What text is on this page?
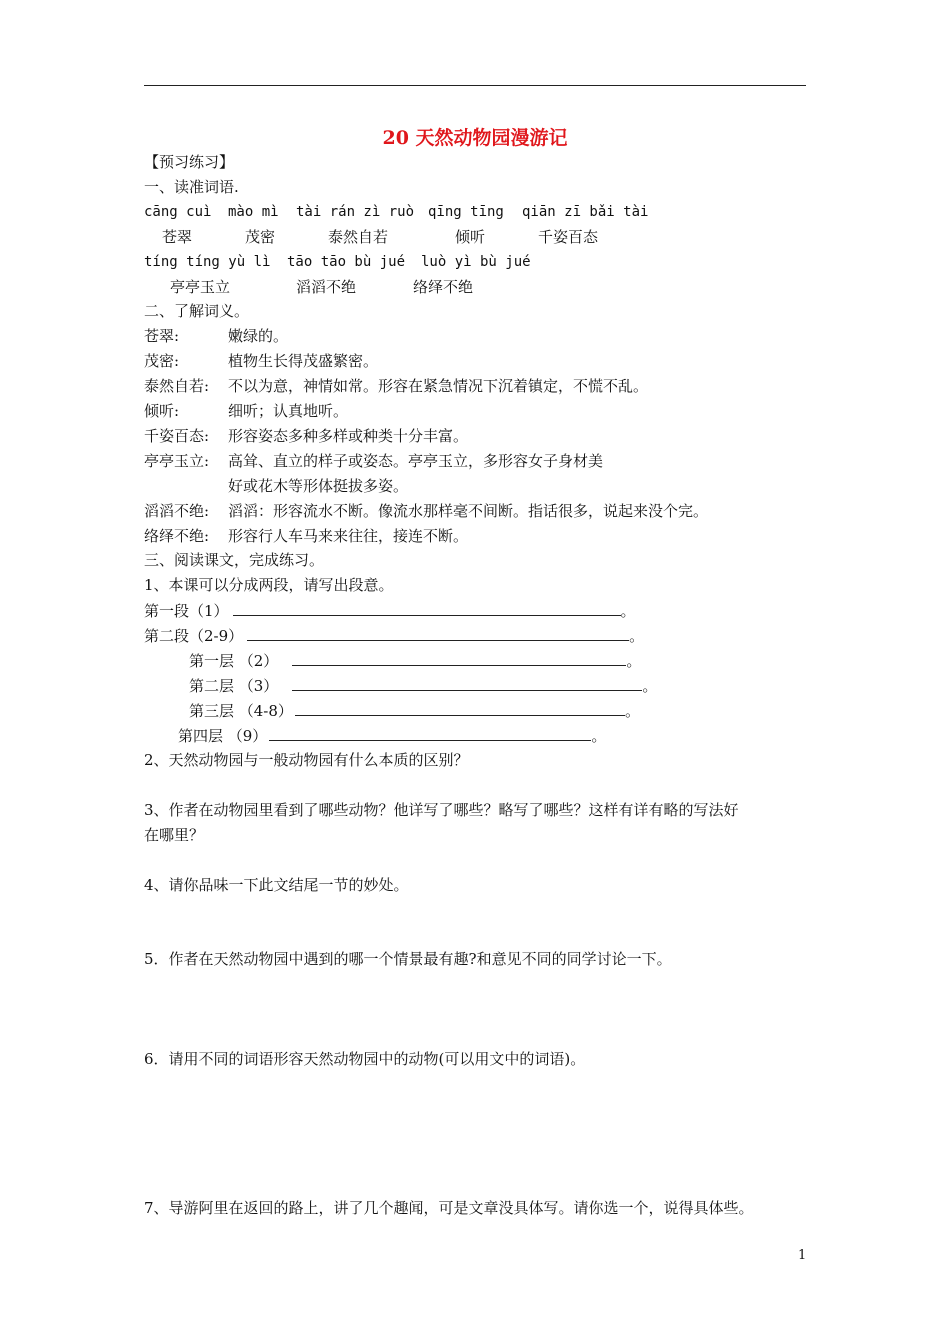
20 天然动物园漫游记
【预习练习】
一、读准词语.
cāng cuì mào mì tài rán zì ruò qīng tīng qiān zī bǎi tài
苍翠	茂密	泰然自若	倾听	千姿百态
tíng tíng yù lì tāo tāo bù jué luò yì bù jué
亭亭玉立	滔滔不绝	络绎不绝
二、了解词义。
苍翠:	嫩绿的。
茂密:	植物生长得茂盛繁密。
泰然自若: 不以为意，神情如常。形容在紧急情况下沉着镇定，不慌不乱。
倾听:	细听；认真地听。
千姿百态: 形容姿态多种多样或种类十分丰富。
亭亭玉立: 高耸、直立的样子或姿态。亭亭玉立，多形容女子身材美
好或花木等形体挺拔多姿。
滔滔不绝: 滔滔：形容流水不断。像流水那样毫不间断。指话很多，说起来没个完。
络绎不绝: 形容行人车马来来往往，接连不断。
三、阅读课文，完成练习。
1、本课可以分成两段，请写出段意。
第一段（1）	。
第二段（2-9）	。
第一层 （2）	。
第二层 （3）	。
第三层 （4-8）	。
第四层 （9）	。
2、天然动物园与一般动物园有什么本质的区别？
3、作者在动物园里看到了哪些动物？他详写了哪些？略写了哪些？这样有详有略的写法好
在哪里？
4、请你品味一下此文结尾一节的妙处。
5．作者在天然动物园中遇到的哪一个情景最有趣?和意见不同的同学讨论一下。
6．请用不同的词语形容天然动物园中的动物(可以用文中的词语)。
7、导游阿里在返回的路上，讲了几个趣闻，可是文章没具体写。请你选一个，说得具体些。
1
